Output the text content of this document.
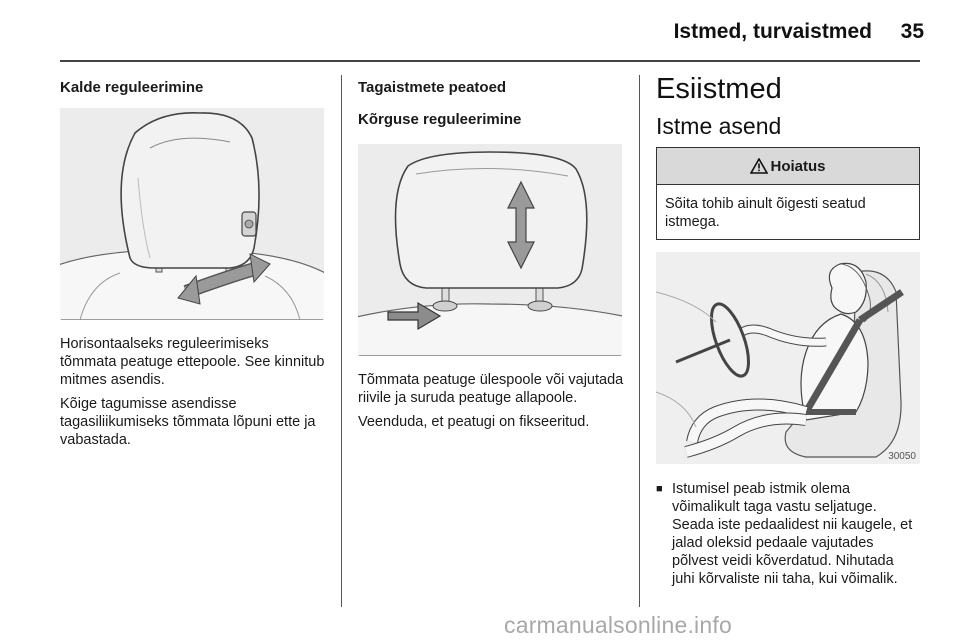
Istmed, turvaistmed	35
Kalde reguleerimine
Horisontaalseks reguleerimiseks tõmmata peatuge ettepoole. See kinnitub mitmes asendis.
Kõige tagumisse asendisse tagasiliikumiseks tõmmata lõpuni ette ja vabastada.
Tagaistmete peatoed
Kõrguse reguleerimine
Tõmmata peatuge ülespoole või vajutada riivile ja suruda peatuge allapoole.
Veenduda, et peatugi on fikseeritud.
Esiistmed
Istme asend
Hoiatus
Sõita tohib ainult õigesti seatud istmega.
30050
■ Istumisel peab istmik olema võimalikult taga vastu seljatuge. Seada iste pedaalidest nii kaugele, et jalad oleksid pedaale vajutades põlvest veidi kõverdatud. Nihutada juhi kõrvaliste nii taha, kui võimalik.
carmanualsonline.info
